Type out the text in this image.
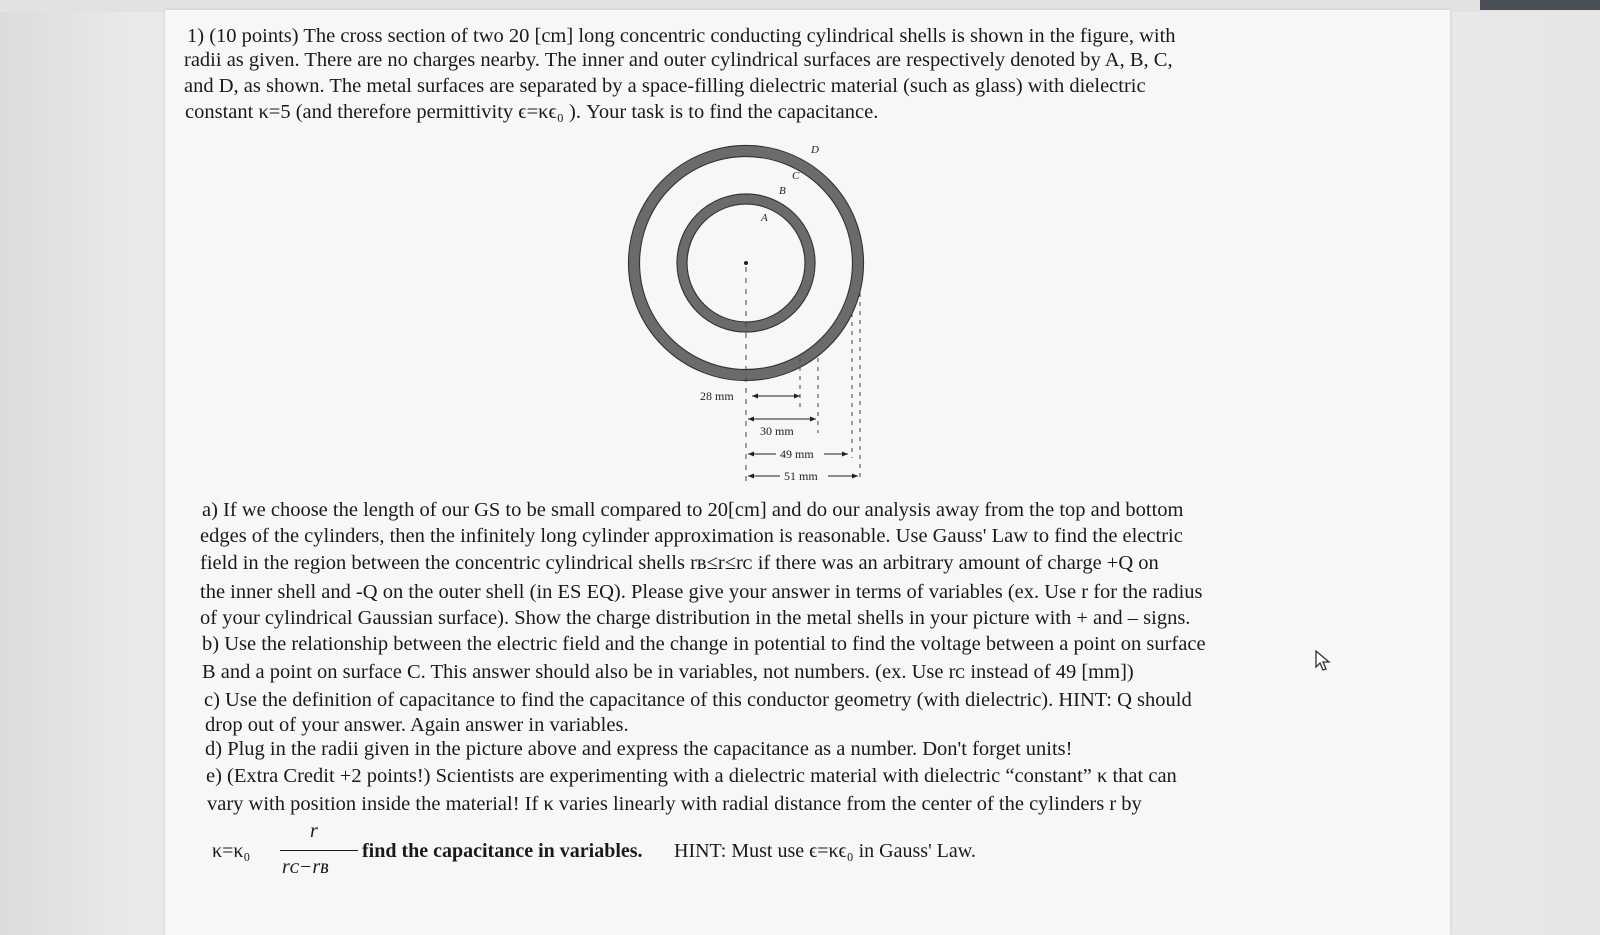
1) (10 points) The cross section of two 20 [cm] long concentric conducting cylindrical shells is shown in the figure, with
radii as given. There are no charges nearby. The inner and outer cylindrical surfaces are respectively denoted by A, B, C,
and D, as shown. The metal surfaces are separated by a space-filling dielectric material (such as glass) with dielectric
constant κ=5 (and therefore permittivity ϵ=κϵ₀ ). Your task is to find the capacitance.
A
B
C
D
28 mm
30 mm
49 mm
51 mm
a) If we choose the length of our GS to be small compared to 20[cm] and do our analysis away from the top and bottom
edges of the cylinders, then the infinitely long cylinder approximation is reasonable. Use Gauss' Law to find the electric
field in the region between the concentric cylindrical shells rʙ≤r≤rᴄ if there was an arbitrary amount of charge +Q on
the inner shell and -Q on the outer shell (in ES EQ). Please give your answer in terms of variables (ex. Use r for the radius
of your cylindrical Gaussian surface). Show the charge distribution in the metal shells in your picture with + and – signs.
b) Use the relationship between the electric field and the change in potential to find the voltage between a point on surface
B and a point on surface C. This answer should also be in variables, not numbers. (ex. Use rᴄ instead of 49 [mm])
c) Use the definition of capacitance to find the capacitance of this conductor geometry (with dielectric). HINT: Q should
drop out of your answer. Again answer in variables.
d) Plug in the radii given in the picture above and express the capacitance as a number. Don't forget units!
e) (Extra Credit +2 points!) Scientists are experimenting with a dielectric material with dielectric “constant” κ that can
vary with position inside the material! If κ varies linearly with radial distance from the center of the cylinders r by
κ=κ₀
r
rᴄ−rʙ
find the capacitance in variables. HINT: Must use ϵ=κϵ₀ in Gauss' Law.
